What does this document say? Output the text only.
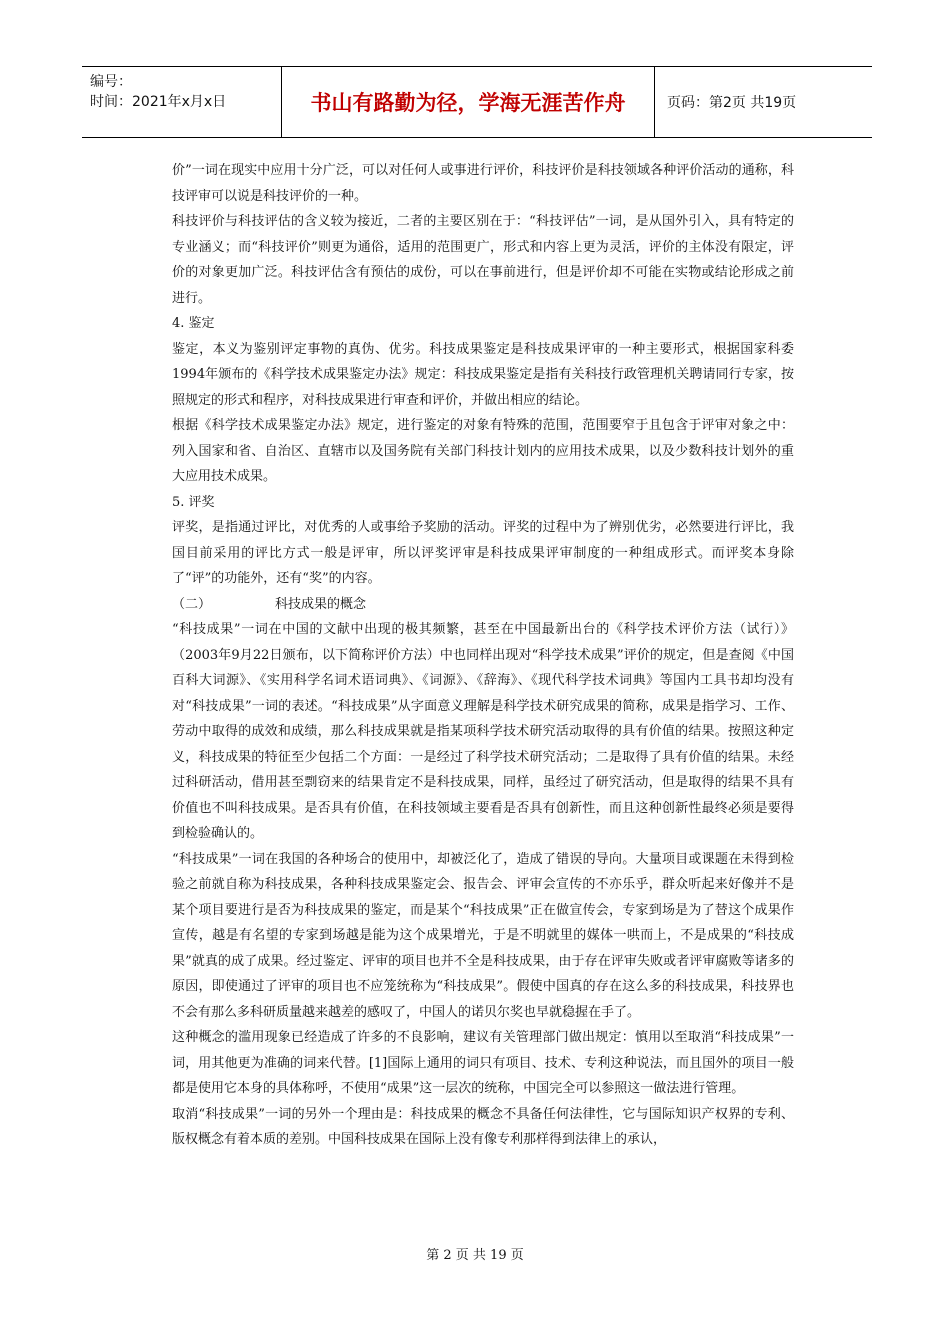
编号：
时间：2021年x月x日	书山有路勤为径，学海无涯苦作舟	页码：第2页 共19页

价”一词在现实中应用十分广泛，可以对任何人或事进行评价，科技评价是科技领域各种评价活动的通称，科技评审可以说是科技评价的一种。

科技评价与科技评估的含义较为接近，二者的主要区别在于：“科技评估”一词，是从国外引入，具有特定的专业涵义；而“科技评价”则更为通俗，适用的范围更广，形式和内容上更为灵活，评价的主体没有限定，评价的对象更加广泛。科技评估含有预估的成份，可以在事前进行，但是评价却不可能在实物或结论形成之前进行。

4. 鉴定

鉴定，本义为鉴别评定事物的真伪、优劣。科技成果鉴定是科技成果评审的一种主要形式，根据国家科委1994年颁布的《科学技术成果鉴定办法》规定：科技成果鉴定是指有关科技行政管理机关聘请同行专家，按照规定的形式和程序，对科技成果进行审查和评价，并做出相应的结论。

根据《科学技术成果鉴定办法》规定，进行鉴定的对象有特殊的范围，范围要窄于且包含于评审对象之中：列入国家和省、自治区、直辖市以及国务院有关部门科技计划内的应用技术成果，以及少数科技计划外的重大应用技术成果。

5. 评奖

评奖，是指通过评比，对优秀的人或事给予奖励的活动。评奖的过程中为了辨别优劣，必然要进行评比，我国目前采用的评比方式一般是评审，所以评奖评审是科技成果评审制度的一种组成形式。而评奖本身除了“评”的功能外，还有“奖”的内容。

（二）	科技成果的概念

“科技成果”一词在中国的文献中出现的极其频繁，甚至在中国最新出台的《科学技术评价方法（试行）》（2003年9月22日颁布，以下简称评价方法）中也同样出现对“科学技术成果”评价的规定，但是查阅《中国百科大词源》、《实用科学名词术语词典》、《词源》、《辞海》、《现代科学技术词典》等国内工具书却均没有对“科技成果”一词的表述。“科技成果”从字面意义理解是科学技术研究成果的简称，成果是指学习、工作、劳动中取得的成效和成绩，那么科技成果就是指某项科学技术研究活动取得的具有价值的结果。按照这种定义，科技成果的特征至少包括二个方面：一是经过了科学技术研究活动；二是取得了具有价值的结果。未经过科研活动，借用甚至剽窃来的结果肯定不是科技成果，同样，虽经过了研究活动，但是取得的结果不具有价值也不叫科技成果。是否具有价值，在科技领域主要看是否具有创新性，而且这种创新性最终必须是要得到检验确认的。

“科技成果”一词在我国的各种场合的使用中，却被泛化了，造成了错误的导向。大量项目或课题在未得到检验之前就自称为科技成果，各种科技成果鉴定会、报告会、评审会宣传的不亦乐乎，群众听起来好像并不是某个项目要进行是否为科技成果的鉴定，而是某个“科技成果”正在做宣传会，专家到场是为了替这个成果作宣传，越是有名望的专家到场越是能为这个成果增光，于是不明就里的媒体一哄而上，不是成果的“科技成果”就真的成了成果。经过鉴定、评审的项目也并不全是科技成果，由于存在评审失败或者评审腐败等诸多的原因，即使通过了评审的项目也不应笼统称为“科技成果”。假使中国真的存在这么多的科技成果，科技界也不会有那么多科研质量越来越差的感叹了，中国人的诺贝尔奖也早就稳握在手了。

这种概念的滥用现象已经造成了许多的不良影响，建议有关管理部门做出规定：慎用以至取消“科技成果”一词，用其他更为准确的词来代替。[1]国际上通用的词只有项目、技术、专利这种说法，而且国外的项目一般都是使用它本身的具体称呼，不使用“成果”这一层次的统称，中国完全可以参照这一做法进行管理。

取消“科技成果”一词的另外一个理由是：科技成果的概念不具备任何法律性，它与国际知识产权界的专利、版权概念有着本质的差别。中国科技成果在国际上没有像专利那样得到法律上的承认，

第 2 页 共 19 页
